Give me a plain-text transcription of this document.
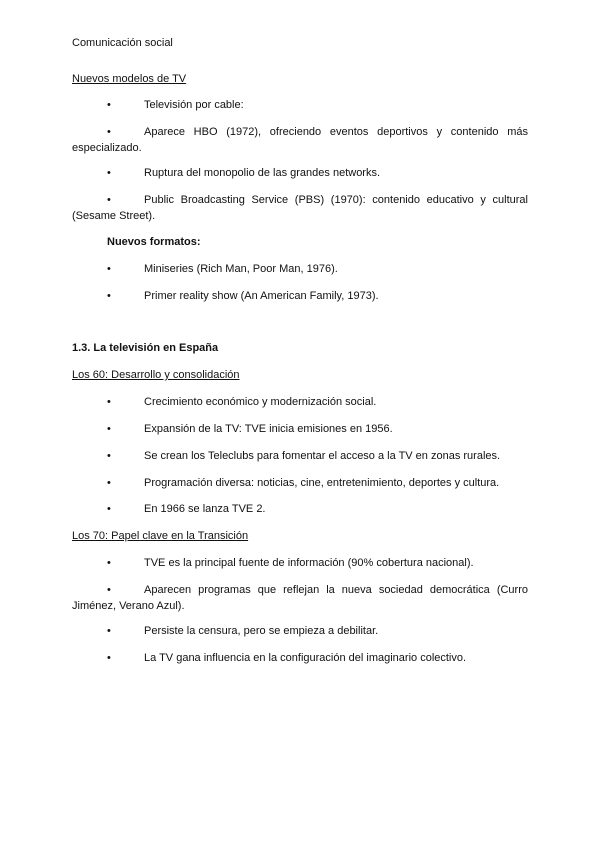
Comunicación social
Nuevos modelos de TV
•	Televisión por cable:
• Aparece HBO (1972), ofreciendo eventos deportivos y contenido más especializado.
•	Ruptura del monopolio de las grandes networks.
• Public Broadcasting Service (PBS) (1970): contenido educativo y cultural (Sesame Street).
Nuevos formatos:
•	Miniseries (Rich Man, Poor Man, 1976).
•	Primer reality show (An American Family, 1973).
1.3. La televisión en España
Los 60: Desarrollo y consolidación
•	Crecimiento económico y modernización social.
•	Expansión de la TV: TVE inicia emisiones en 1956.
•	Se crean los Teleclubs para fomentar el acceso a la TV en zonas rurales.
•	Programación diversa: noticias, cine, entretenimiento, deportes y cultura.
•	En 1966 se lanza TVE 2.
Los 70: Papel clave en la Transición
•	TVE es la principal fuente de información (90% cobertura nacional).
• Aparecen programas que reflejan la nueva sociedad democrática (Curro Jiménez, Verano Azul).
•	Persiste la censura, pero se empieza a debilitar.
•	La TV gana influencia en la configuración del imaginario colectivo.
